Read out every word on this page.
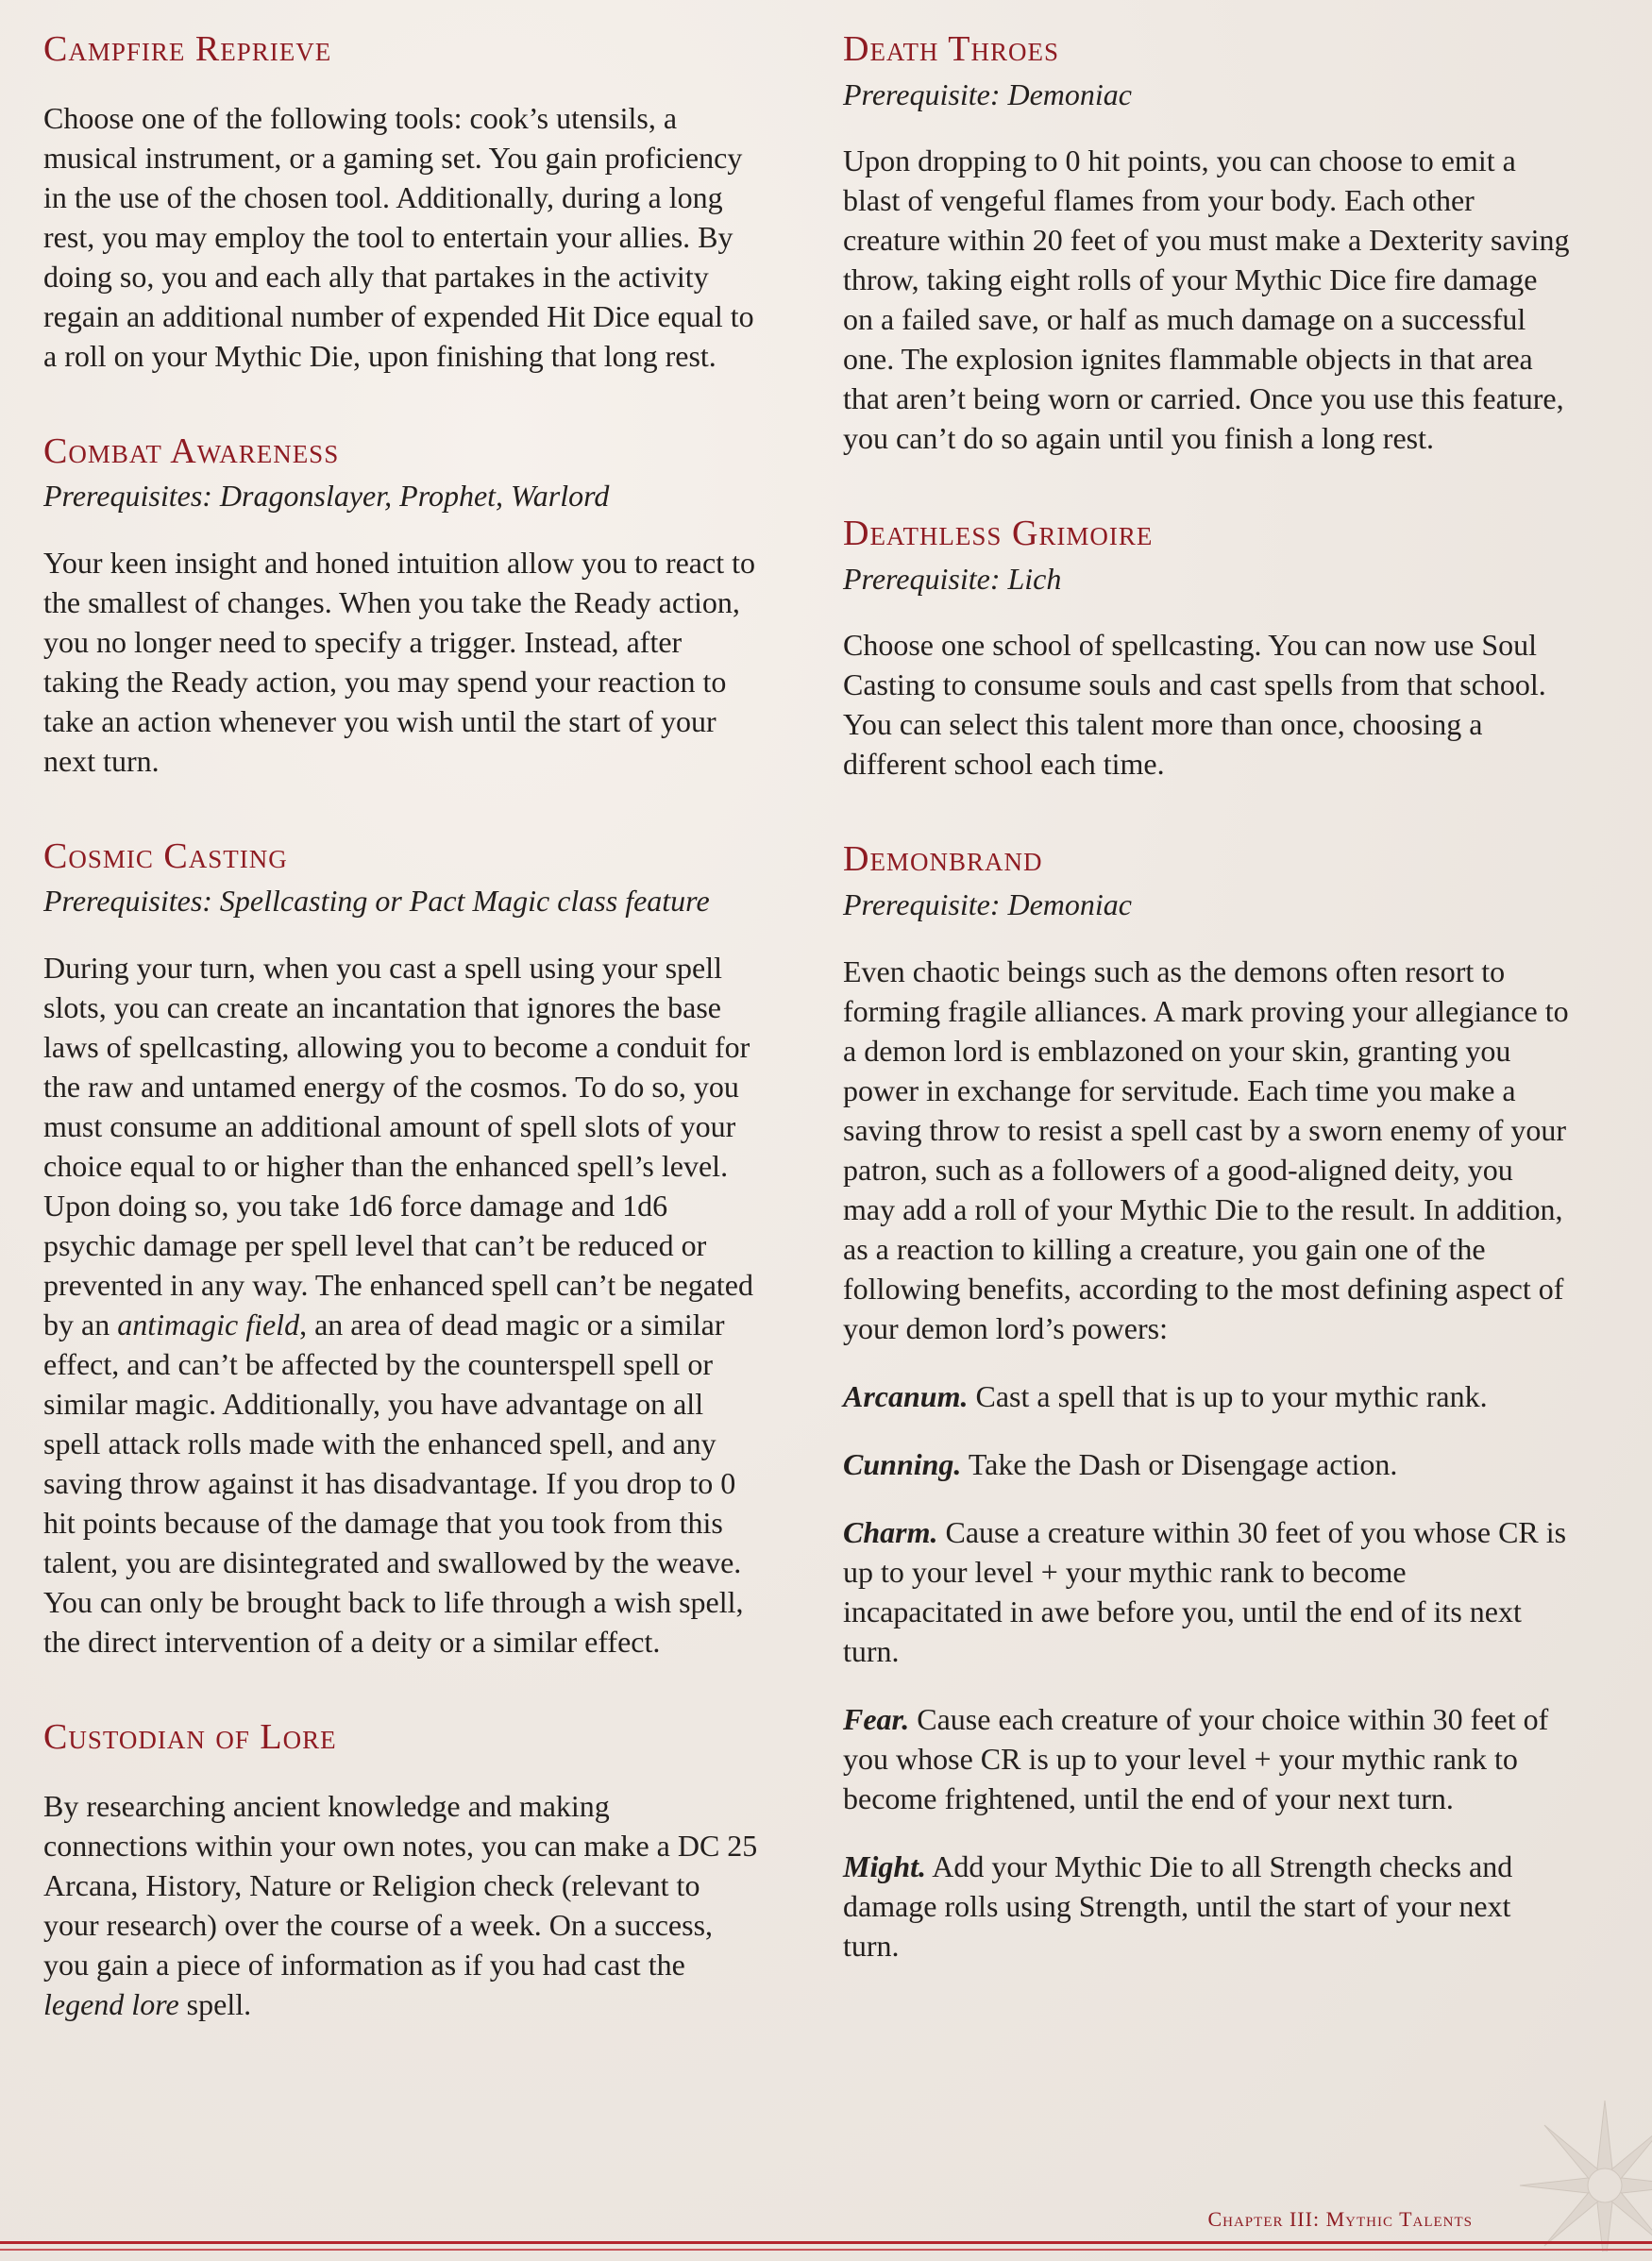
Campfire Reprieve

Choose one of the following tools: cook’s utensils, a musical instrument, or a gaming set. You gain proficiency in the use of the chosen tool. Additionally, during a long rest, you may employ the tool to entertain your allies. By doing so, you and each ally that partakes in the activity regain an additional number of expended Hit Dice equal to a roll on your Mythic Die, upon finishing that long rest.

Combat Awareness
Prerequisites: Dragonslayer, Prophet, Warlord

Your keen insight and honed intuition allow you to react to the smallest of changes. When you take the Ready action, you no longer need to specify a trigger. Instead, after taking the Ready action, you may spend your reaction to take an action whenever you wish until the start of your next turn.

Cosmic Casting
Prerequisites: Spellcasting or Pact Magic class feature

During your turn, when you cast a spell using your spell slots, you can create an incantation that ignores the base laws of spellcasting, allowing you to become a conduit for the raw and untamed energy of the cosmos. To do so, you must consume an additional amount of spell slots of your choice equal to or higher than the enhanced spell’s level. Upon doing so, you take 1d6 force damage and 1d6 psychic damage per spell level that can’t be reduced or prevented in any way. The enhanced spell can’t be negated by an antimagic field, an area of dead magic or a similar effect, and can’t be affected by the counterspell spell or similar magic. Additionally, you have advantage on all spell attack rolls made with the enhanced spell, and any saving throw against it has disadvantage. If you drop to 0 hit points because of the damage that you took from this talent, you are disintegrated and swallowed by the weave. You can only be brought back to life through a wish spell, the direct intervention of a deity or a similar effect.

Custodian of Lore

By researching ancient knowledge and making connections within your own notes, you can make a DC 25 Arcana, History, Nature or Religion check (relevant to your research) over the course of a week. On a success, you gain a piece of information as if you had cast the legend lore spell.

Death Throes
Prerequisite: Demoniac

Upon dropping to 0 hit points, you can choose to emit a blast of vengeful flames from your body. Each other creature within 20 feet of you must make a Dexterity saving throw, taking eight rolls of your Mythic Dice fire damage on a failed save, or half as much damage on a successful one. The explosion ignites flammable objects in that area that aren’t being worn or carried. Once you use this feature, you can’t do so again until you finish a long rest.

Deathless Grimoire
Prerequisite: Lich

Choose one school of spellcasting. You can now use Soul Casting to consume souls and cast spells from that school. You can select this talent more than once, choosing a different school each time.

Demonbrand
Prerequisite: Demoniac

Even chaotic beings such as the demons often resort to forming fragile alliances. A mark proving your allegiance to a demon lord is emblazoned on your skin, granting you power in exchange for servitude. Each time you make a saving throw to resist a spell cast by a sworn enemy of your patron, such as a followers of a good-aligned deity, you may add a roll of your Mythic Die to the result. In addition, as a reaction to killing a creature, you gain one of the following benefits, according to the most defining aspect of your demon lord’s powers:

Arcanum. Cast a spell that is up to your mythic rank.

Cunning. Take the Dash or Disengage action.

Charm. Cause a creature within 30 feet of you whose CR is up to your level + your mythic rank to become incapacitated in awe before you, until the end of its next turn.

Fear. Cause each creature of your choice within 30 feet of you whose CR is up to your level + your mythic rank to become frightened, until the end of your next turn.

Might. Add your Mythic Die to all Strength checks and damage rolls using Strength, until the start of your next turn.

Chapter III: Mythic Talents
